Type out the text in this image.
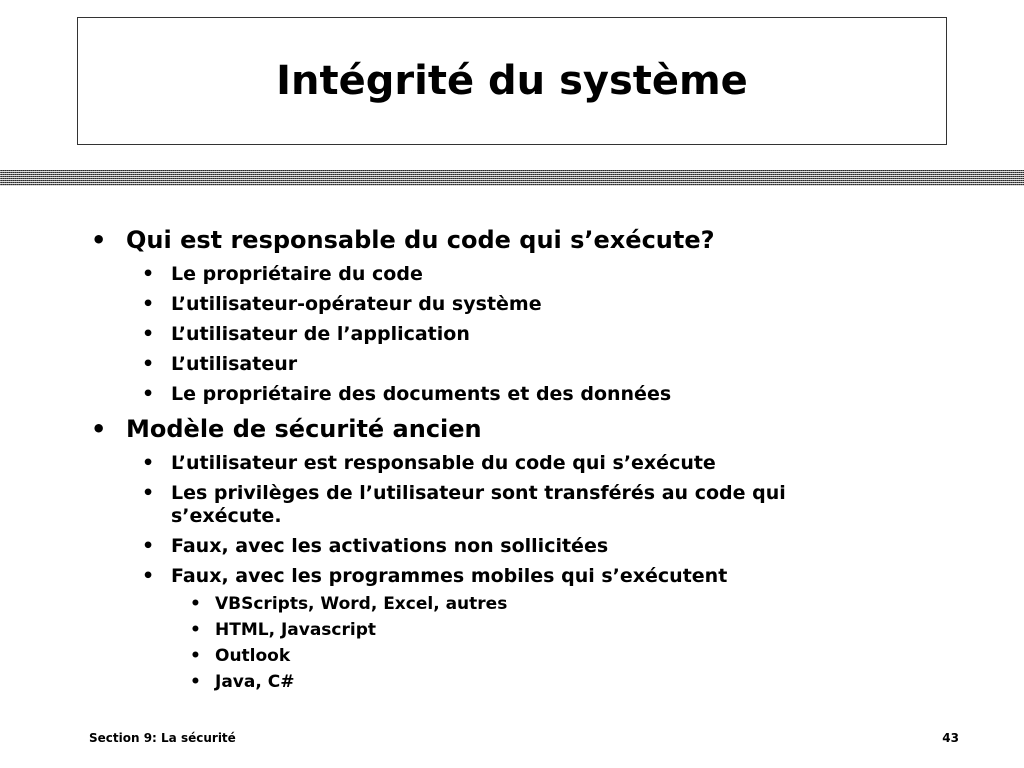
Intégrité du système
• Qui est responsable du code qui s’exécute?
• Le propriétaire du code
• L’utilisateur-opérateur du système
• L’utilisateur de l’application
• L’utilisateur
• Le propriétaire des documents et des données
• Modèle de sécurité ancien
• L’utilisateur est responsable du code qui s’exécute
• Les privilèges de l’utilisateur sont transférés au code qui s’exécute.
• Faux, avec les activations non sollicitées
• Faux, avec les programmes mobiles qui s’exécutent
• VBScripts, Word, Excel, autres
• HTML, Javascript
• Outlook
• Java, C#
Section 9: La sécurité	43
